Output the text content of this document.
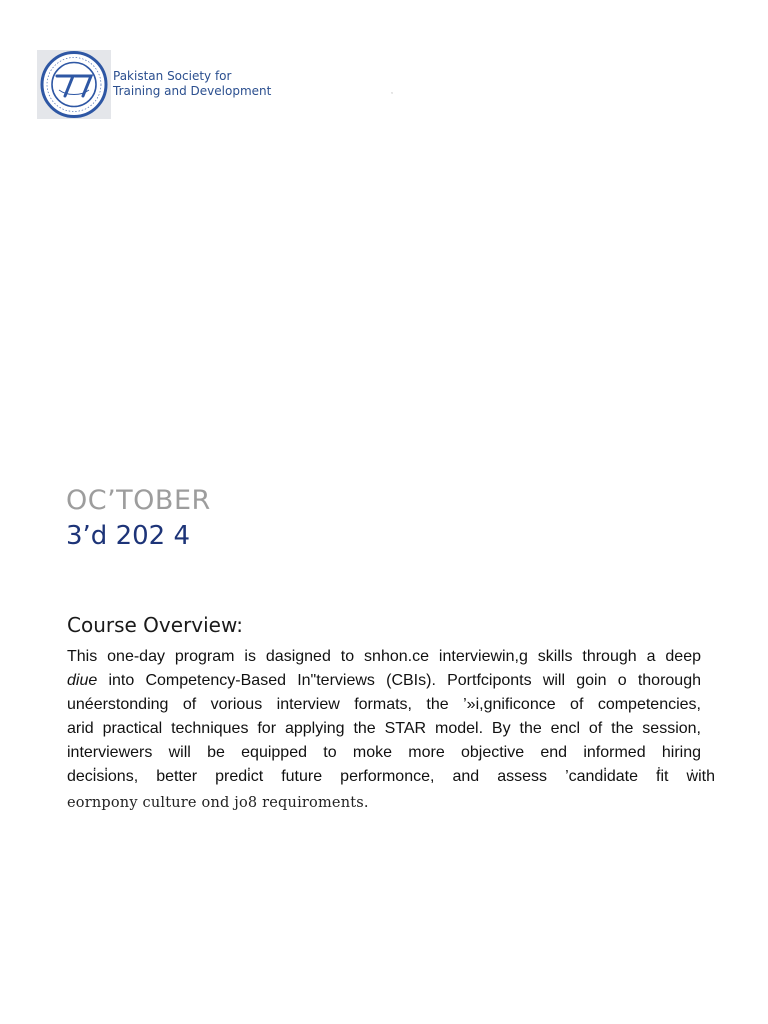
Pakistan Society for
Training and Development	,
OC’TOBER
3’d 202 4
Course Overview:
This one-day program is dasigned to snhon.ce interviewin,g skills through a deep
diue into Competency-Based In"terviews (CBIs). Portfciponts will goin o thorough
unéerstonding of vorious interview formats, the ’»i,gnificonce of competencies,
arid practical techniques for applying the STAR model. By the encl of the session,
interviewers will be equipped to moke more objective end informed hiring
deci̇si̇ons, better predi̇ct future performonce, and assess ’candi̇date ḟit ẇith
eornpony culture ond jo8 requiroments.
